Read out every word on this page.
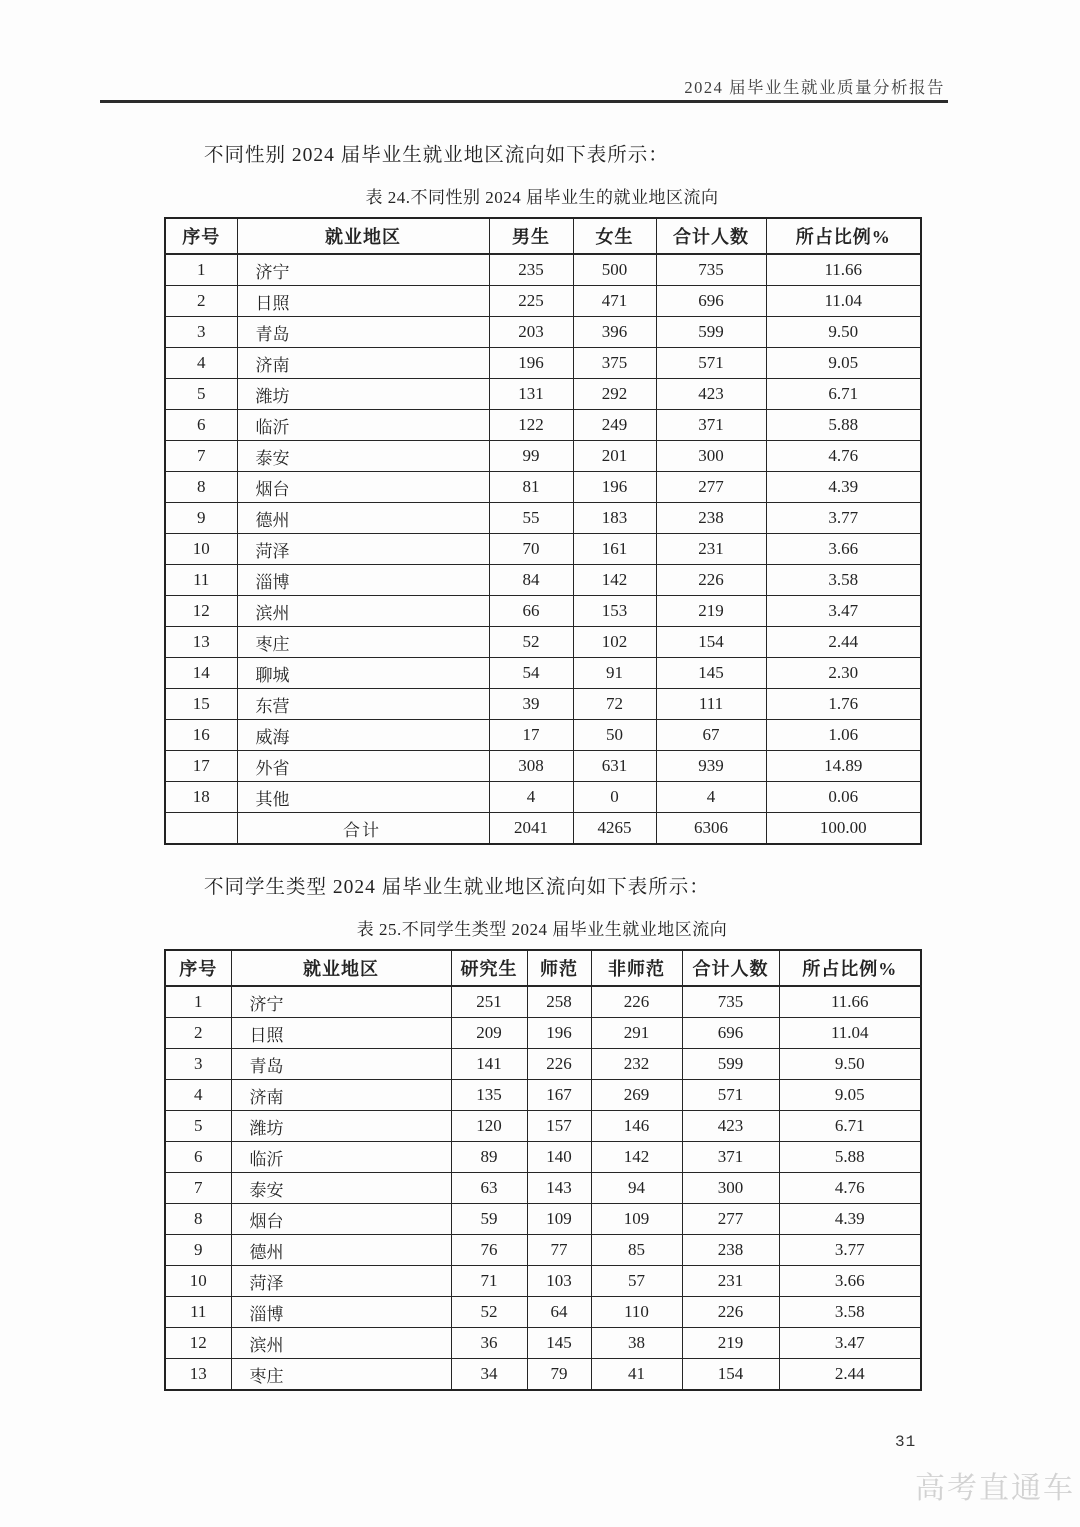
2024 届毕业生就业质量分析报告

不同性别 2024 届毕业生就业地区流向如下表所示：

表 24.不同性别 2024 届毕业生的就业地区流向
序号	就业地区	男生	女生	合计人数	所占比例%
1	济宁	235	500	735	11.66
2	日照	225	471	696	11.04
3	青岛	203	396	599	9.50
4	济南	196	375	571	9.05
5	潍坊	131	292	423	6.71
6	临沂	122	249	371	5.88
7	泰安	99	201	300	4.76
8	烟台	81	196	277	4.39
9	德州	55	183	238	3.77
10	菏泽	70	161	231	3.66
11	淄博	84	142	226	3.58
12	滨州	66	153	219	3.47
13	枣庄	52	102	154	2.44
14	聊城	54	91	145	2.30
15	东营	39	72	111	1.76
16	威海	17	50	67	1.06
17	外省	308	631	939	14.89
18	其他	4	0	4	0.06
	合计	2041	4265	6306	100.00

不同学生类型 2024 届毕业生就业地区流向如下表所示：

表 25.不同学生类型 2024 届毕业生就业地区流向
序号	就业地区	研究生	师范	非师范	合计人数	所占比例%
1	济宁	251	258	226	735	11.66
2	日照	209	196	291	696	11.04
3	青岛	141	226	232	599	9.50
4	济南	135	167	269	571	9.05
5	潍坊	120	157	146	423	6.71
6	临沂	89	140	142	371	5.88
7	泰安	63	143	94	300	4.76
8	烟台	59	109	109	277	4.39
9	德州	76	77	85	238	3.77
10	菏泽	71	103	57	231	3.66
11	淄博	52	64	110	226	3.58
12	滨州	36	145	38	219	3.47
13	枣庄	34	79	41	154	2.44
31
高考直通车
